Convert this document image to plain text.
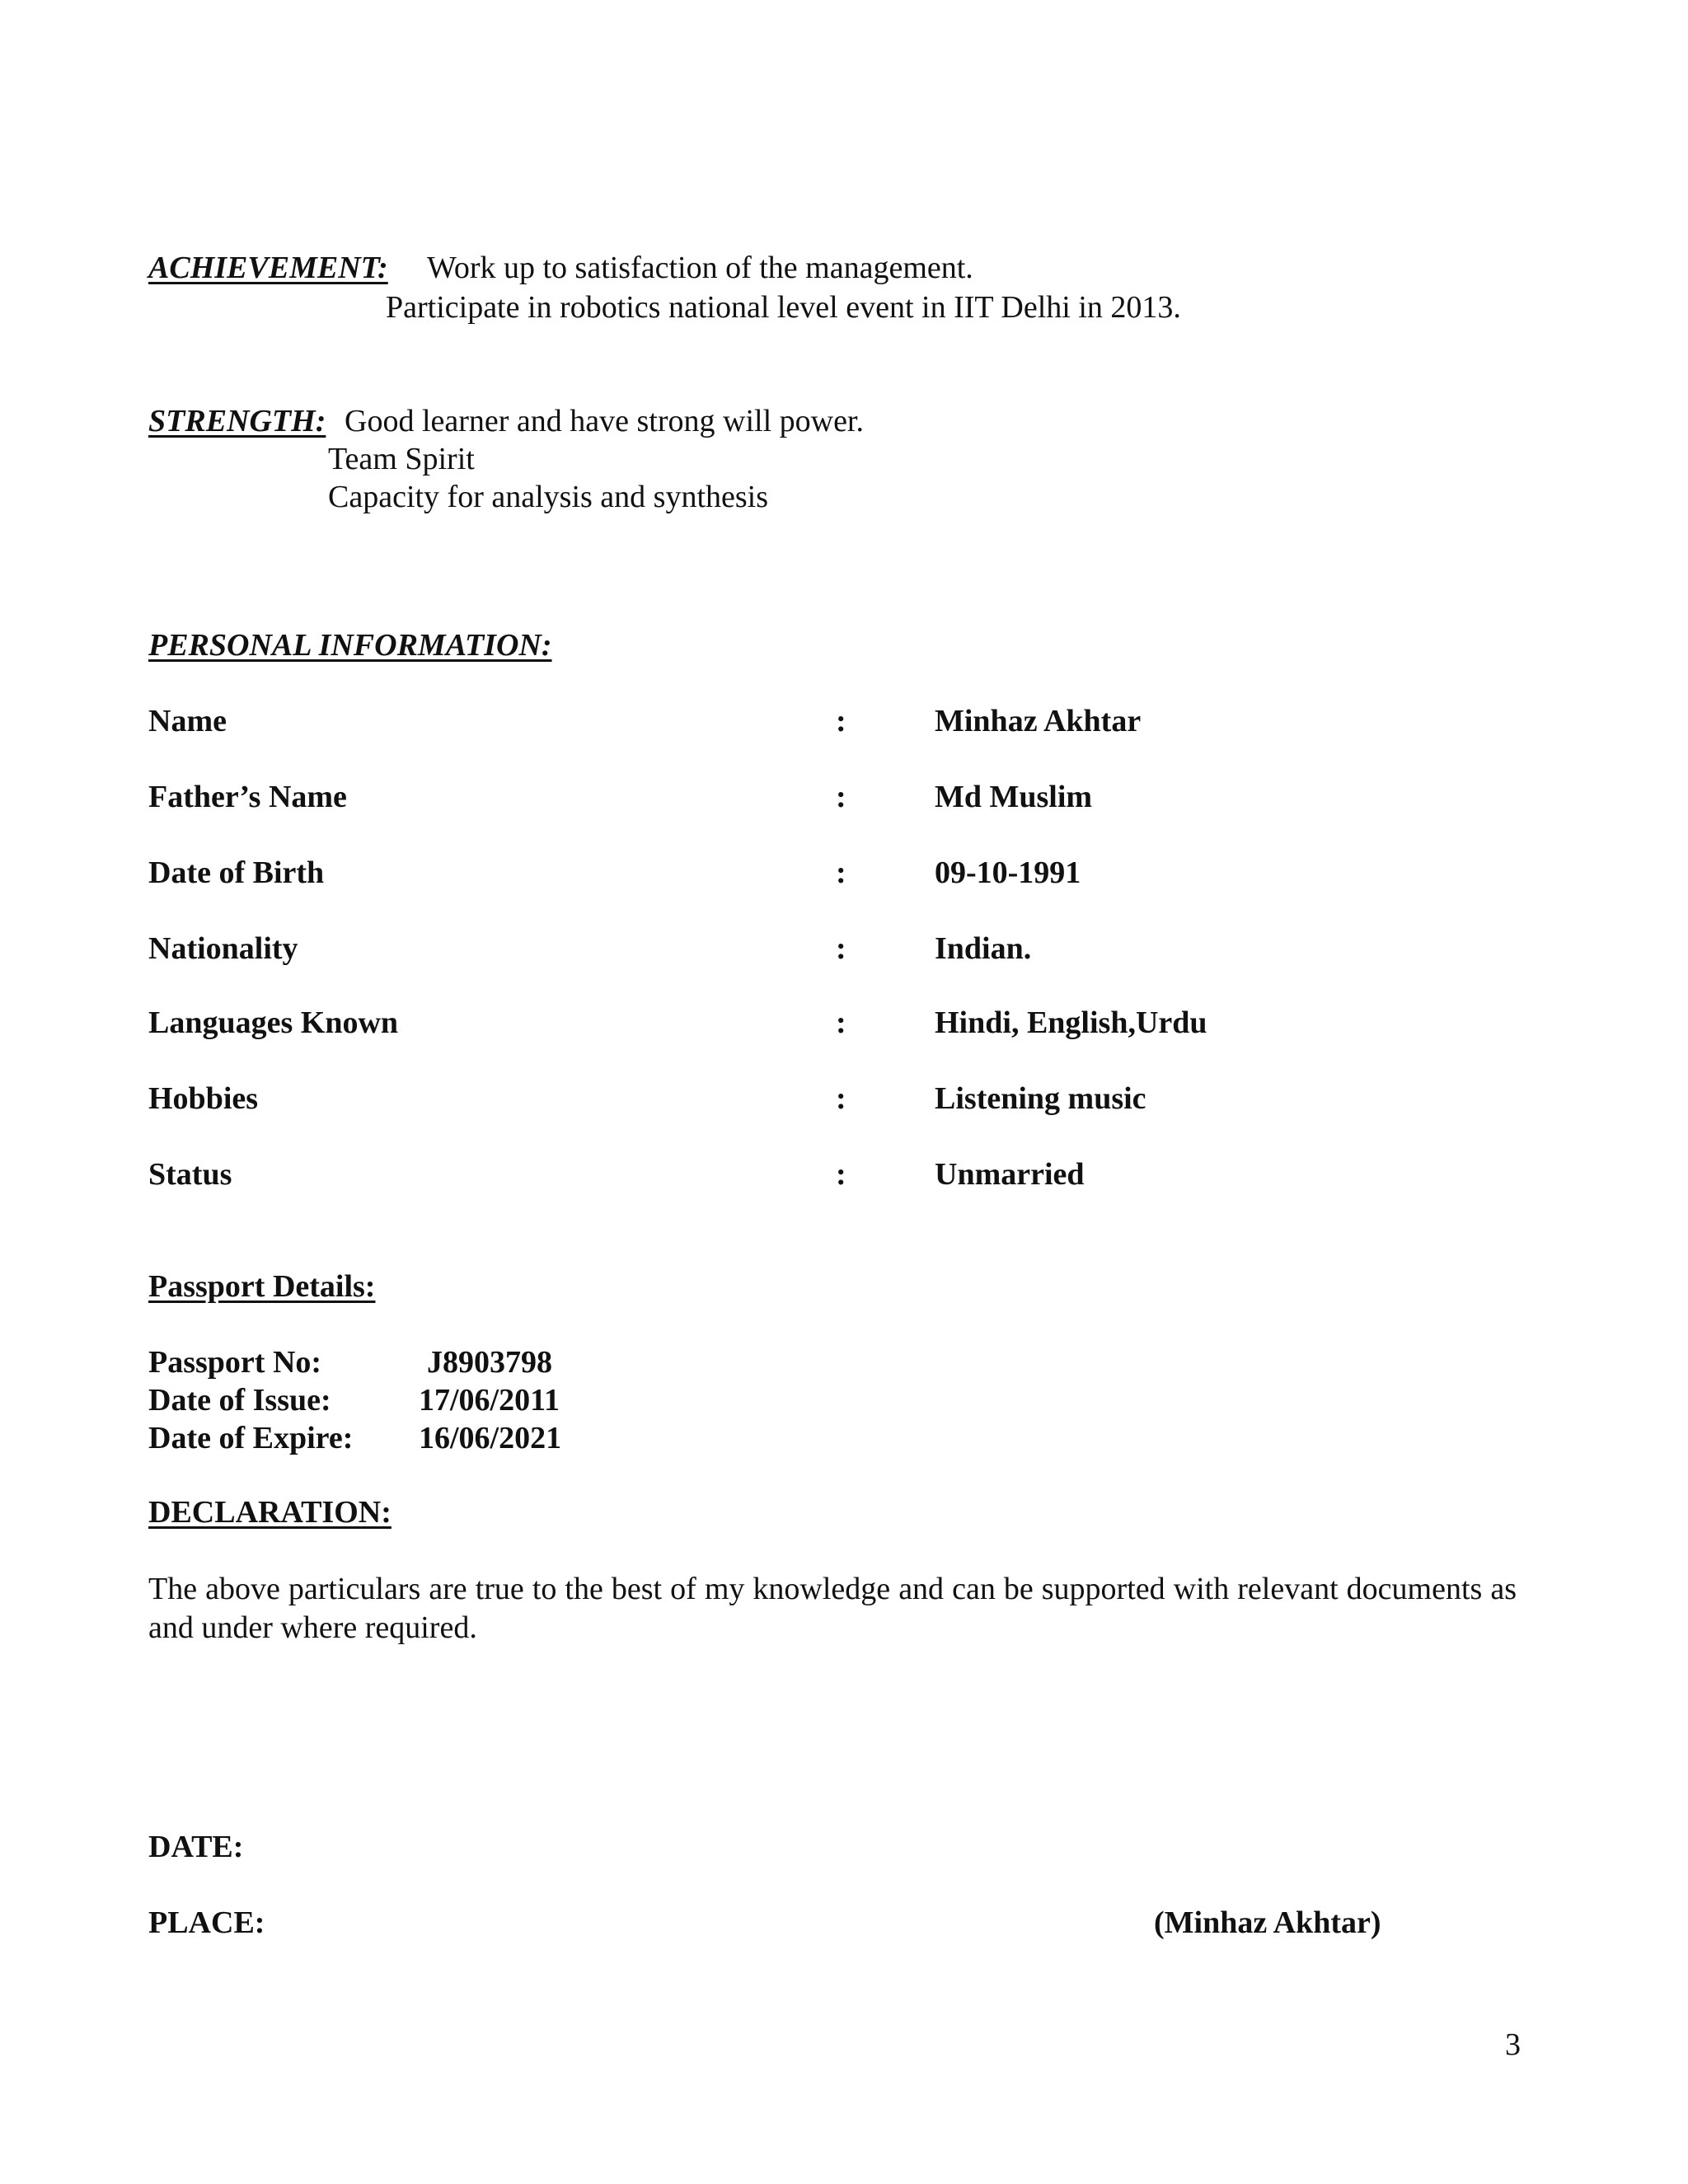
ACHIEVEMENT: Work up to satisfaction of the management.
Participate in robotics national level event in IIT Delhi in 2013.
STRENGTH: Good learner and have strong will power.
Team Spirit
Capacity for analysis and synthesis
PERSONAL INFORMATION:
Name	:	Minhaz Akhtar
Father’s Name	:	Md Muslim
Date of Birth	:	09-10-1991
Nationality	:	Indian.
Languages Known	:	Hindi, English,Urdu
Hobbies	:	Listening music
Status	:	Unmarried
Passport Details:
Passport No:	J8903798
Date of Issue:	17/06/2011
Date of Expire: 16/06/2021
DECLARATION:
The above particulars are true to the best of my knowledge and can be supported with relevant documents as and under where required.
DATE:
PLACE:	(Minhaz Akhtar)
3
